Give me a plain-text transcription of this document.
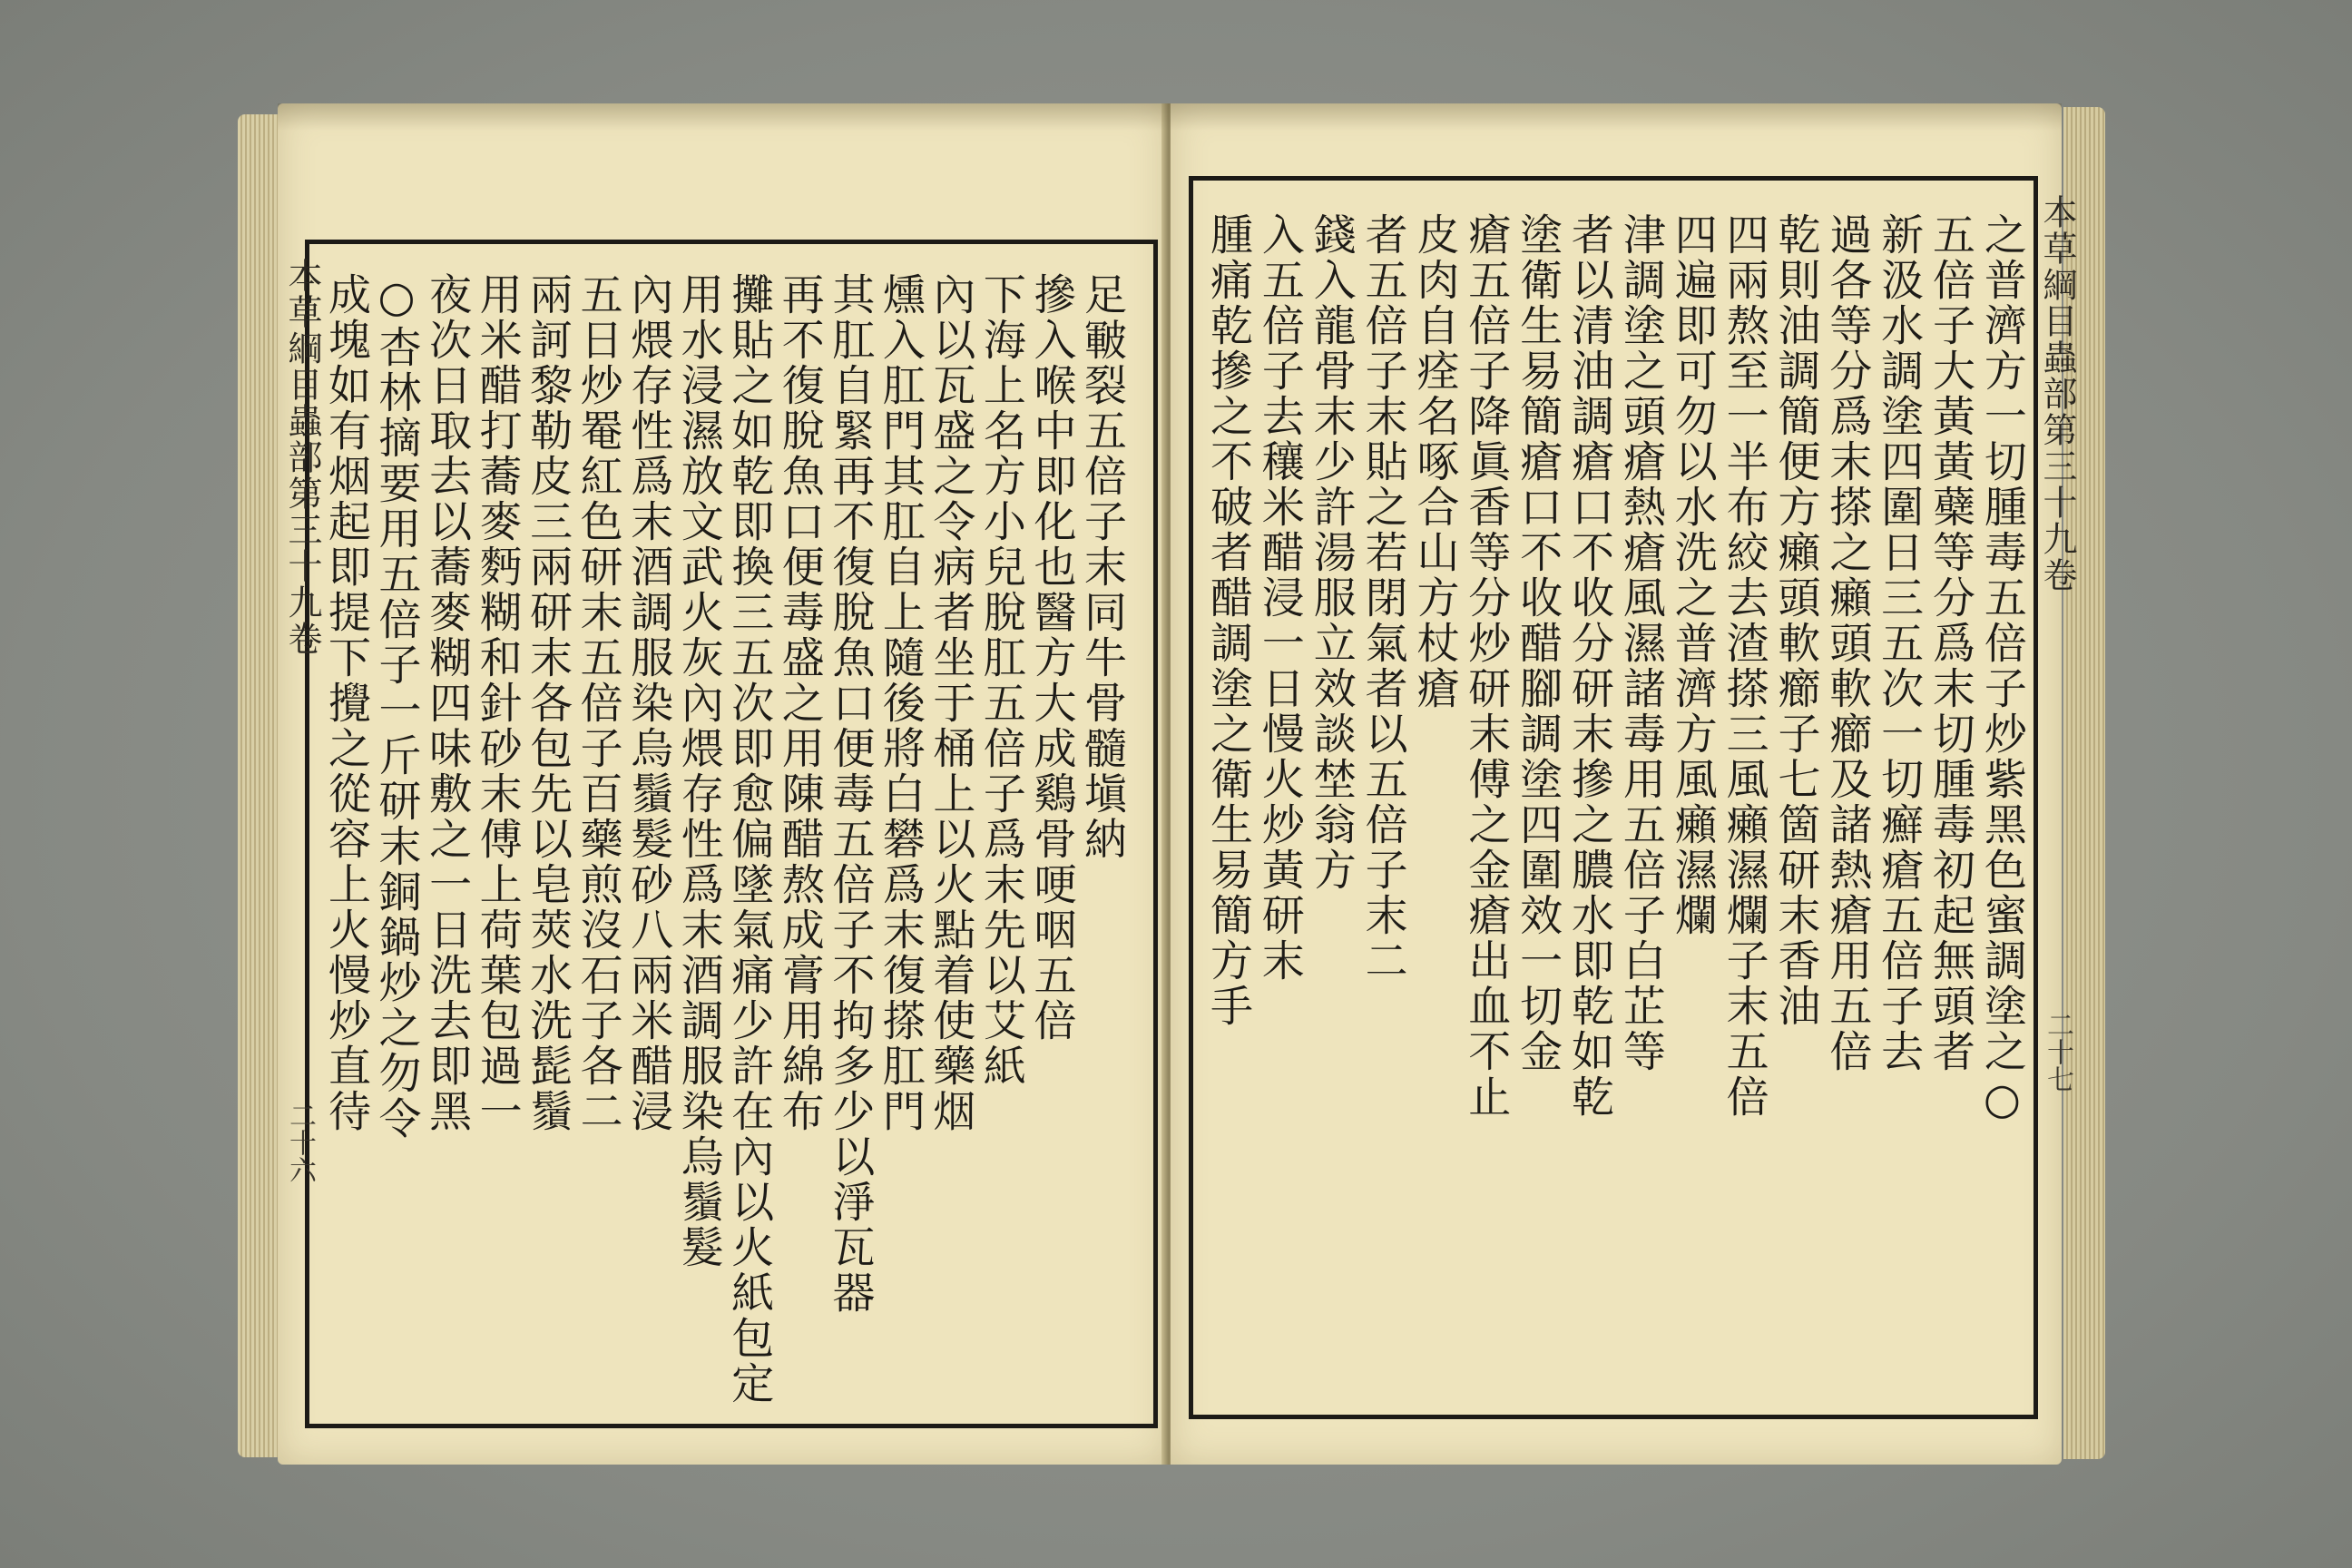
本草綱目蟲部第三十九卷
二十六
足皸裂五倍子末同牛骨髓塡納
摻入喉中即化也醫方大成鷄骨哽咽五倍
下海上名方小兒脫肛五倍子爲末先以艾紙
內以瓦盛之令病者坐于桶上以火點着使藥烟
燻入肛門其肛自上隨後將白礬爲末復搽肛門
其肛自緊再不復脫魚口便毒五倍子不拘多少以淨瓦器
再不復脫魚口便毒盛之用陳醋熬成膏用綿布
攤貼之如乾即換三五次即愈偏墜氣痛少許在內以火紙包定
用水浸濕放文武火灰內煨存性爲末酒調服染烏鬚髮
內煨存性爲末酒調服染烏鬚髮砂八兩米醋浸
五日炒罨紅色研末五倍子百藥煎沒石子各二
兩訶黎勒皮三兩研末各包先以皂莢水洗髭鬚
用米醋打蕎麥麪糊和針砂末傅上荷葉包過一
夜次日取去以蕎麥糊四味敷之一日洗去即黑
○杏林摘要用五倍子一斤研末銅鍋炒之勿令
成塊如有烟起即提下攪之從容上火慢炒直待	本草綱目蟲部第三十九卷
二十七
之普濟方一切腫毒五倍子炒紫黑色蜜調塗之○
五倍子大黃黃蘗等分爲末切腫毒初起無頭者
新汲水調塗四圍日三五次一切癬瘡五倍子去
過各等分爲末搽之癩頭軟癤及諸熱瘡用五倍
乾則油調簡便方癩頭軟癤子七箇研末香油
四兩熬至一半布絞去渣搽三風癩濕爛子末五倍
四遍即可勿以水洗之普濟方風癩濕爛
津調塗之頭瘡熱瘡風濕諸毒用五倍子白芷等
者以清油調瘡口不收分研末摻之膿水即乾如乾
塗衛生易簡瘡口不收醋腳調塗四圍效一切金
瘡五倍子降眞香等分炒研末傅之金瘡出血不止
皮肉自痊名啄合山方杖瘡
者五倍子末貼之若閉氣者以五倍子末二
錢入龍骨末少許湯服立效談埜翁方
入五倍子去穰米醋浸一日慢火炒黃研末
腫痛乾摻之不破者醋調塗之衛生易簡方手
